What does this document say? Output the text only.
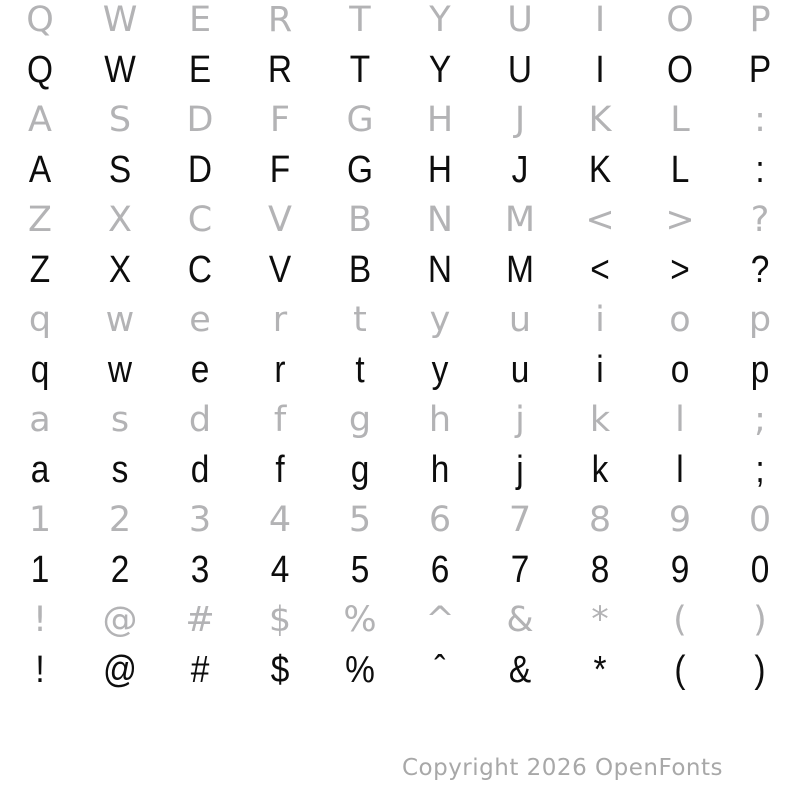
Q	W	E	R	T	Y	U	I	O	P
Q	W	E	R	T	Y	U	I	O	P
A	S	D	F	G	H	J	K	L	:
A	S	D	F	G	H	J	K	L	:
Z	X	C	V	B	N	M	<	>	?
Z	X	C	V	B	N	M	<	>	?
q	w	e	r	t	y	u	i	o	p
q	w	e	r	t	y	u	i	o	p
a	s	d	f	g	h	j	k	l	;
a	s	d	f	g	h	j	k	l	;
1	2	3	4	5	6	7	8	9	0
1	2	3	4	5	6	7	8	9	0
!	@	#	$	%	^	&	*	(	)
!	@	#	$	%	ˆ	&	*	(	)
Copyright 2026 OpenFonts
